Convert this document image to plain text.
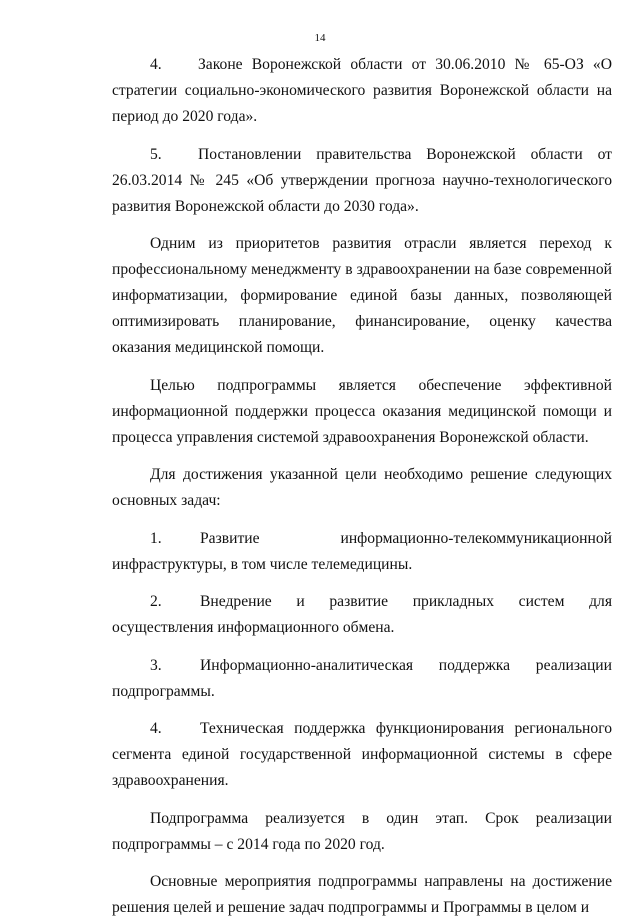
14

4. Законе Воронежской области от 30.06.2010 № 65-ОЗ «О стратегии социально-экономического развития Воронежской области на период до 2020 года».

5. Постановлении правительства Воронежской области от 26.03.2014 № 245 «Об утверждении прогноза научно-технологического развития Воронежской области до 2030 года».

Одним из приоритетов развития отрасли является переход к профессиональному менеджменту в здравоохранении на базе современной информатизации, формирование единой базы данных, позволяющей оптимизировать планирование, финансирование, оценку качества оказания медицинской помощи.

Целью подпрограммы является обеспечение эффективной информационной поддержки процесса оказания медицинской помощи и процесса управления системой здравоохранения Воронежской области.

Для достижения указанной цели необходимо решение следующих основных задач:

1. Развитие информационно-телекоммуникационной инфраструктуры, в том числе телемедицины.

2. Внедрение и развитие прикладных систем для осуществления информационного обмена.

3. Информационно-аналитическая поддержка реализации подпрограммы.

4. Техническая поддержка функционирования регионального сегмента единой государственной информационной системы в сфере здравоохранения.

Подпрограмма реализуется в один этап. Срок реализации подпрограммы – с 2014 года по 2020 год.

Основные мероприятия подпрограммы направлены на достижение решения целей и решение задач подпрограммы и Программы в целом и
